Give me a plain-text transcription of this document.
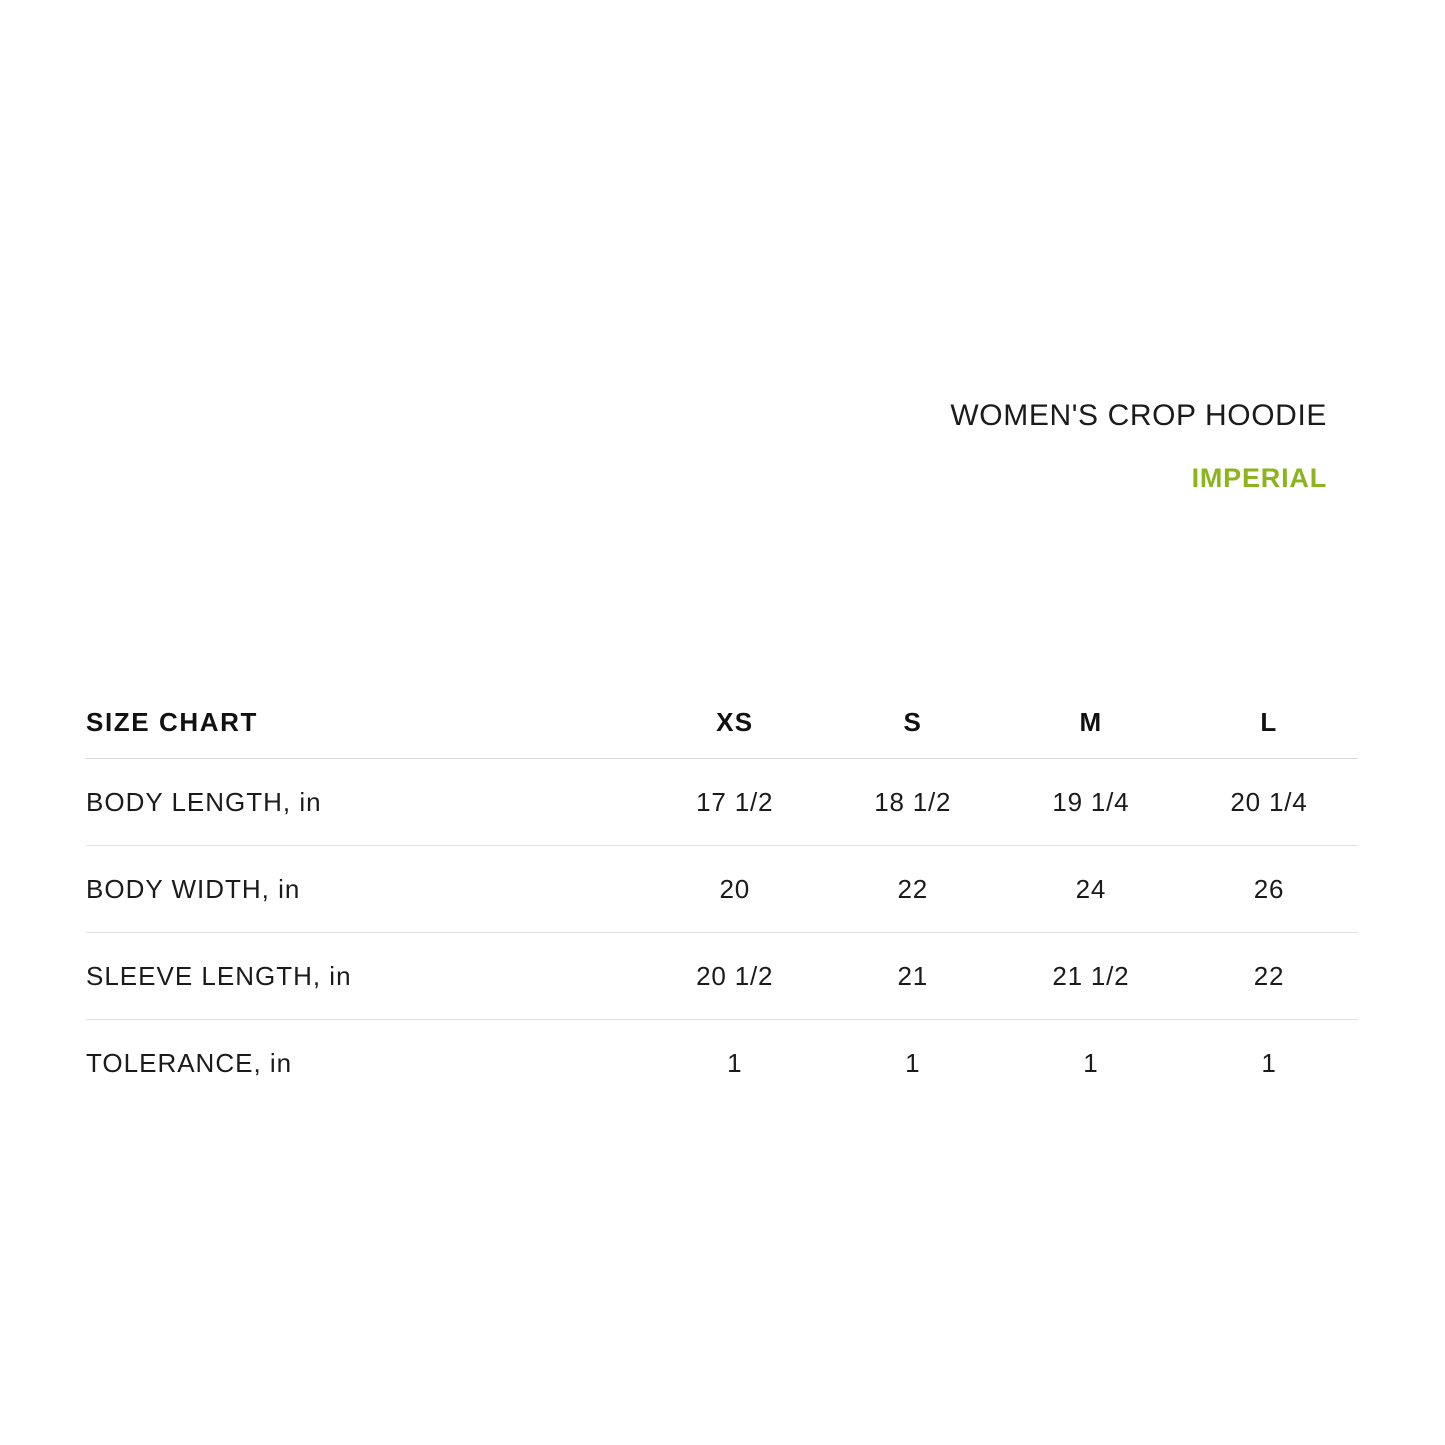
WOMEN'S CROP HOODIE
IMPERIAL
SIZE CHART	XS	S	M	L
BODY LENGTH, in	17 1/2	18 1/2	19 1/4	20 1/4
BODY WIDTH, in	20	22	24	26
SLEEVE LENGTH, in	20 1/2	21	21 1/2	22
TOLERANCE, in	1	1	1	1
